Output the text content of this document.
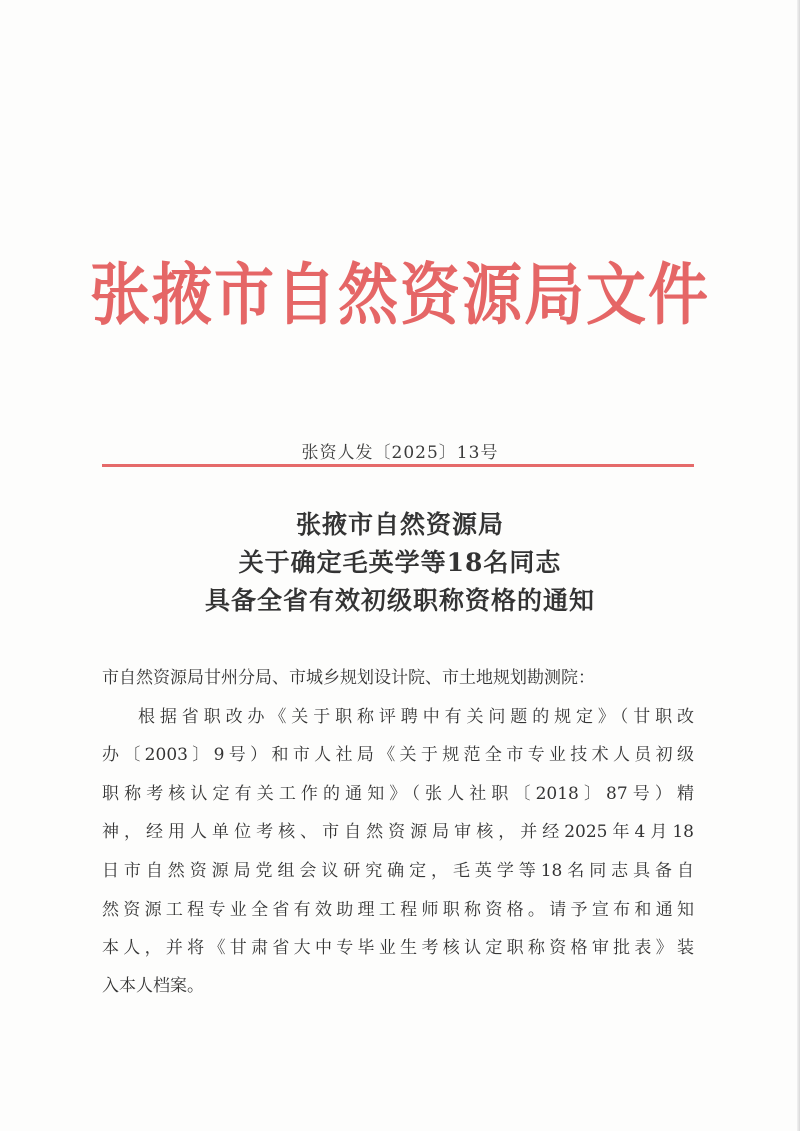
张掖市自然资源局文件
张资人发〔2025〕13号
张掖市自然资源局
关于确定毛英学等18名同志
具备全省有效初级职称资格的通知
市自然资源局甘州分局、市城乡规划设计院、市土地规划勘测院：
根据省职改办《关于职称评聘中有关问题的规定》（甘职改
办〔2003〕9号）和市人社局《关于规范全市专业技术人员初级
职称考核认定有关工作的通知》（张人社职〔2018〕87号）精
神，经用人单位考核、市自然资源局审核，并经2025年4月18
日市自然资源局党组会议研究确定，毛英学等18名同志具备自
然资源工程专业全省有效助理工程师职称资格。请予宣布和通知
本人，并将《甘肃省大中专毕业生考核认定职称资格审批表》装
入本人档案。
